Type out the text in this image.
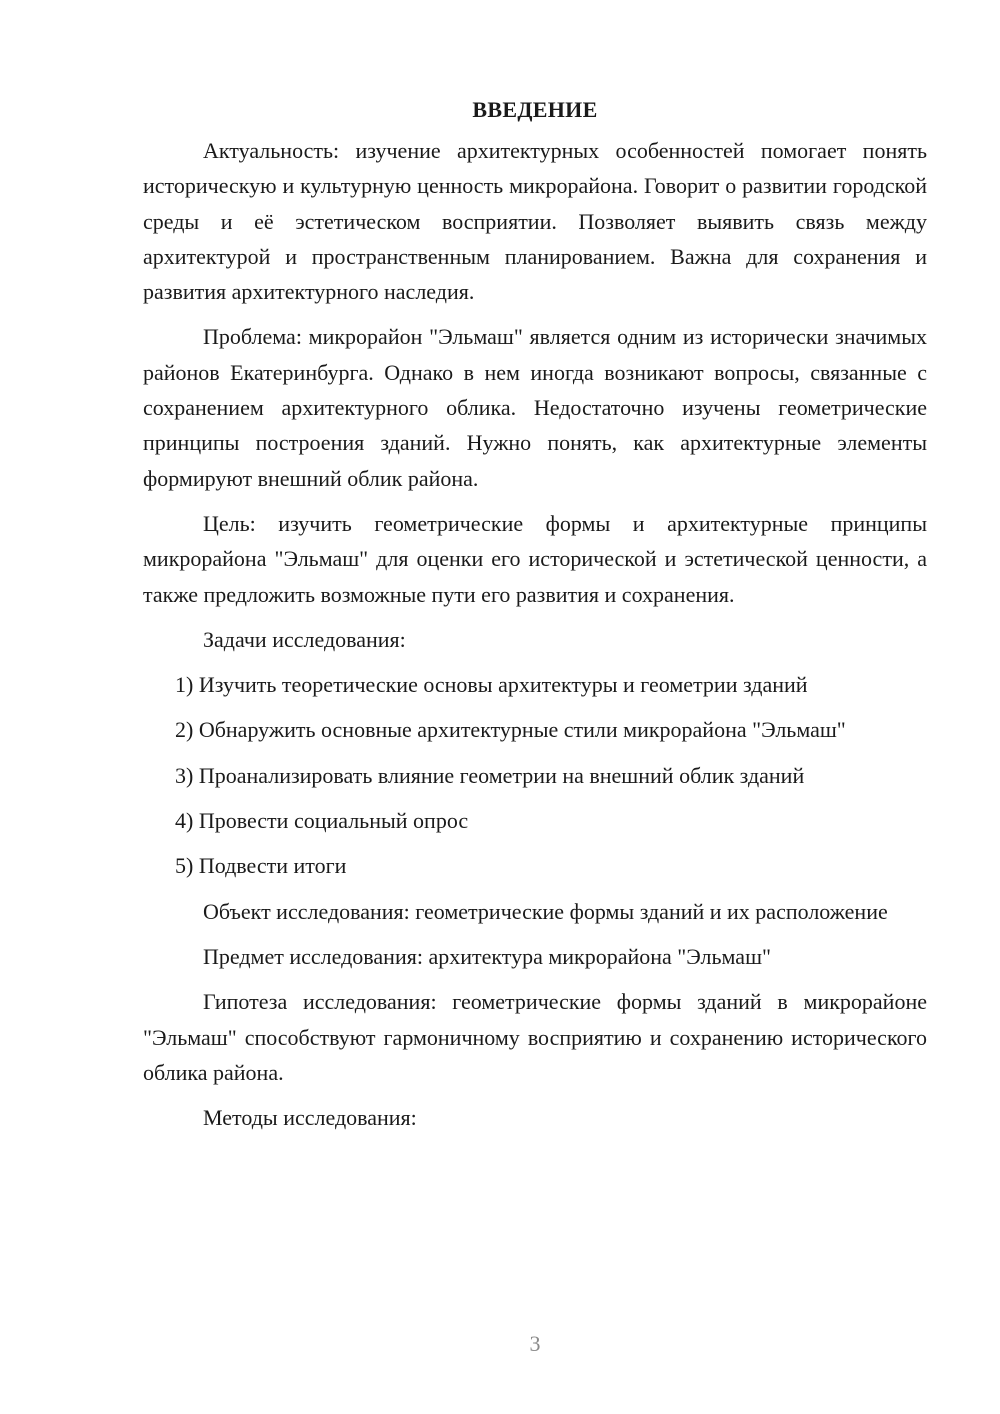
ВВЕДЕНИЕ

Актуальность: изучение архитектурных особенностей помогает понять историческую и культурную ценность микрорайона. Говорит о развитии городской среды и её эстетическом восприятии. Позволяет выявить связь между архитектурой и пространственным планированием. Важна для сохранения и развития архитектурного наследия.

Проблема: микрорайон "Эльмаш" является одним из исторически значимых районов Екатеринбурга. Однако в нем иногда возникают вопросы, связанные с сохранением архитектурного облика. Недостаточно изучены геометрические принципы построения зданий. Нужно понять, как архитектурные элементы формируют внешний облик района.

Цель: изучить геометрические формы и архитектурные принципы микрорайона "Эльмаш" для оценки его исторической и эстетической ценности, а также предложить возможные пути его развития и сохранения.

Задачи исследования:

1) Изучить теоретические основы архитектуры и геометрии зданий

2) Обнаружить основные архитектурные стили микрорайона "Эльмаш"

3) Проанализировать влияние геометрии на внешний облик зданий

4) Провести социальный опрос

5) Подвести итоги

Объект исследования: геометрические формы зданий и их расположение

Предмет исследования: архитектура микрорайона "Эльмаш"

Гипотеза исследования: геометрические формы зданий в микрорайоне "Эльмаш" способствуют гармоничному восприятию и сохранению исторического облика района.

Методы исследования:

3
